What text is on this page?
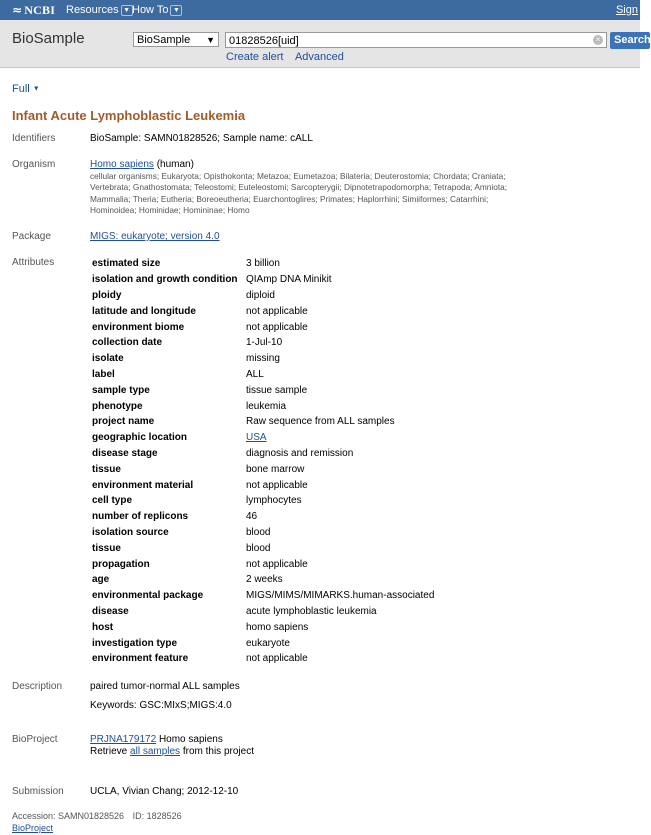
≈ NCBI Resources ▼ How To ▼	Sign
BioSample	BioSample ▼	01828526[uid]	×	Search
Create alert Advanced
Full ▼
Infant Acute Lymphoblastic Leukemia
Identifiers	BioSample: SAMN01828526; Sample name: cALL
Organism	Homo sapiens (human)
cellular organisms; Eukaryota; Opisthokonta; Metazoa; Eumetazoa; Bilateria; Deuterostomia; Chordata; Craniata; Vertebrata; Gnathostomata; Teleostomi; Euteleostomi; Sarcopterygii; Dipnotetrapodomorpha; Tetrapoda; Amniota; Mammalia; Theria; Eutheria; Boreoeutheria; Euarchontoglires; Primates; Haplorrhini; Simiiformes; Catarrhini; Hominoidea; Hominidae; Homininae; Homo
Package	MIGS: eukaryote; version 4.0
Attributes	estimated size	3 billion
isolation and growth condition	QIAmp DNA Minikit
ploidy	diploid
latitude and longitude	not applicable
environment biome	not applicable
collection date	1-Jul-10
isolate	missing
label	ALL
sample type	tissue sample
phenotype	leukemia
project name	Raw sequence from ALL samples
geographic location	USA
disease stage	diagnosis and remission
tissue	bone marrow
environment material	not applicable
cell type	lymphocytes
number of replicons	46
isolation source	blood
tissue	blood
propagation	not applicable
age	2 weeks
environmental package	MIGS/MIMS/MIMARKS.human-associated
disease	acute lymphoblastic leukemia
host	homo sapiens
investigation type	eukaryote
environment feature	not applicable
Description	paired tumor-normal ALL samples
Keywords: GSC:MIxS;MIGS:4.0
BioProject	PRJNA179172 Homo sapiens
Retrieve all samples from this project
Submission	UCLA, Vivian Chang; 2012-12-10
Accession: SAMN01828526 ID: 1828526
BioProject
